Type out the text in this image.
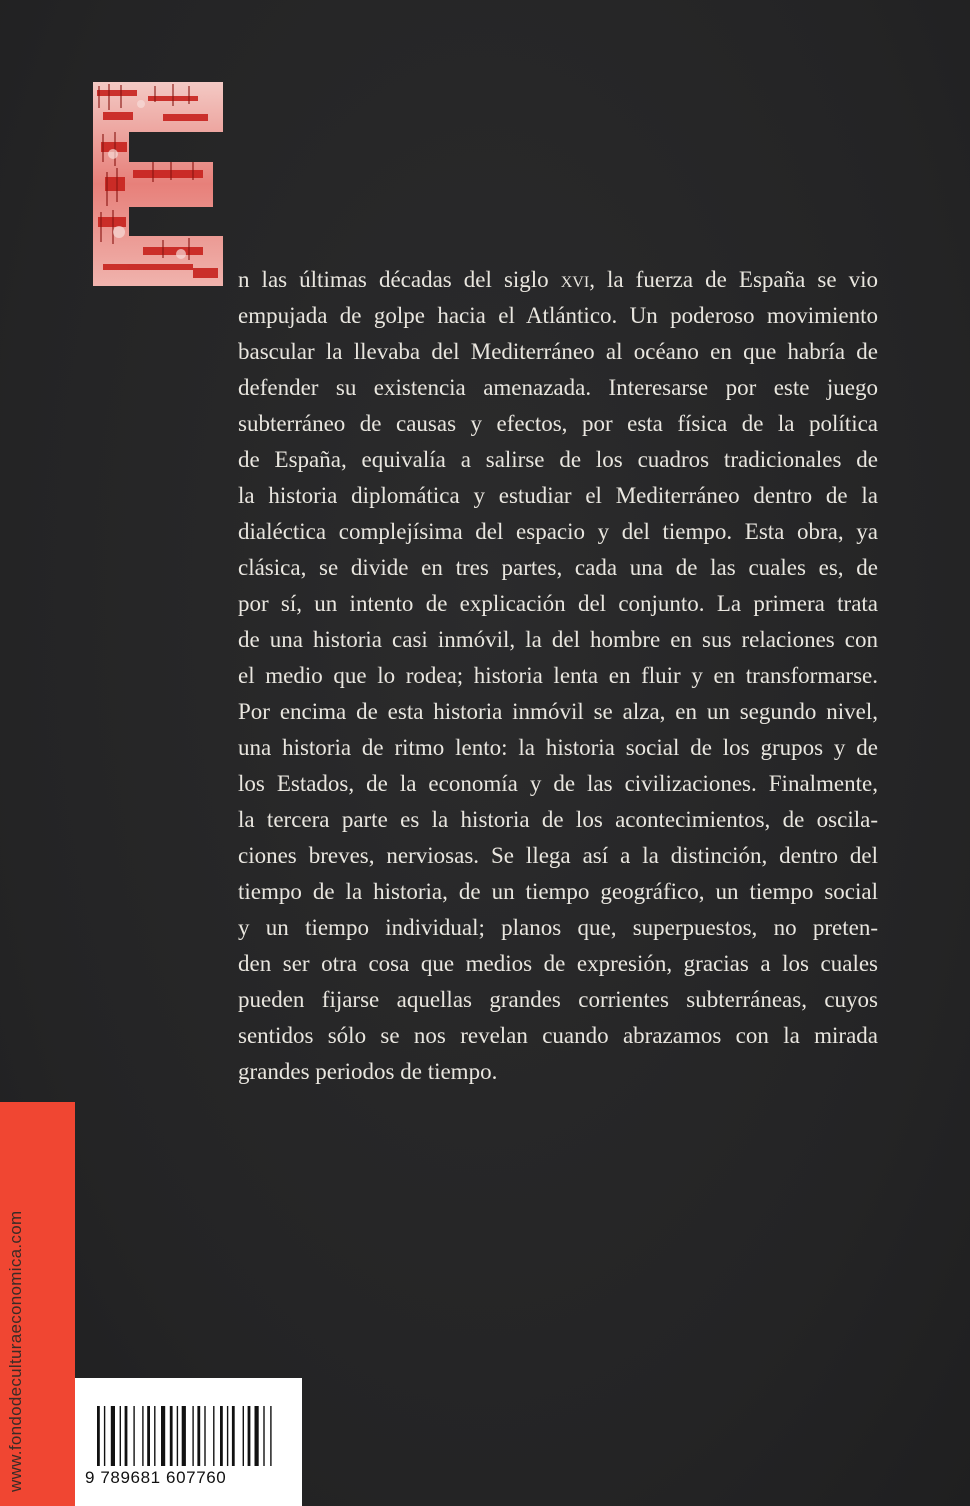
n las últimas décadas del siglo xvi, la fuerza de España se vio
empujada de golpe hacia el Atlántico. Un poderoso movimiento
bascular la llevaba del Mediterráneo al océano en que habría de
defender su existencia amenazada. Interesarse por este juego
subterráneo de causas y efectos, por esta física de la política
de España, equivalía a salirse de los cuadros tradicionales de
la historia diplomática y estudiar el Mediterráneo dentro de la
dialéctica complejísima del espacio y del tiempo. Esta obra, ya
clásica, se divide en tres partes, cada una de las cuales es, de
por sí, un intento de explicación del conjunto. La primera trata
de una historia casi inmóvil, la del hombre en sus relaciones con
el medio que lo rodea; historia lenta en fluir y en transformarse.
Por encima de esta historia inmóvil se alza, en un segundo nivel,
una historia de ritmo lento: la historia social de los grupos y de
los Estados, de la economía y de las civilizaciones. Finalmente,
la tercera parte es la historia de los acontecimientos, de oscila-
ciones breves, nerviosas. Se llega así a la distinción, dentro del
tiempo de la historia, de un tiempo geográfico, un tiempo social
y un tiempo individual; planos que, superpuestos, no preten-
den ser otra cosa que medios de expresión, gracias a los cuales
pueden fijarse aquellas grandes corrientes subterráneas, cuyos
sentidos sólo se nos revelan cuando abrazamos con la mirada
grandes periodos de tiempo.
www.fondodeculturaeconomica.com	9 789681 607760
